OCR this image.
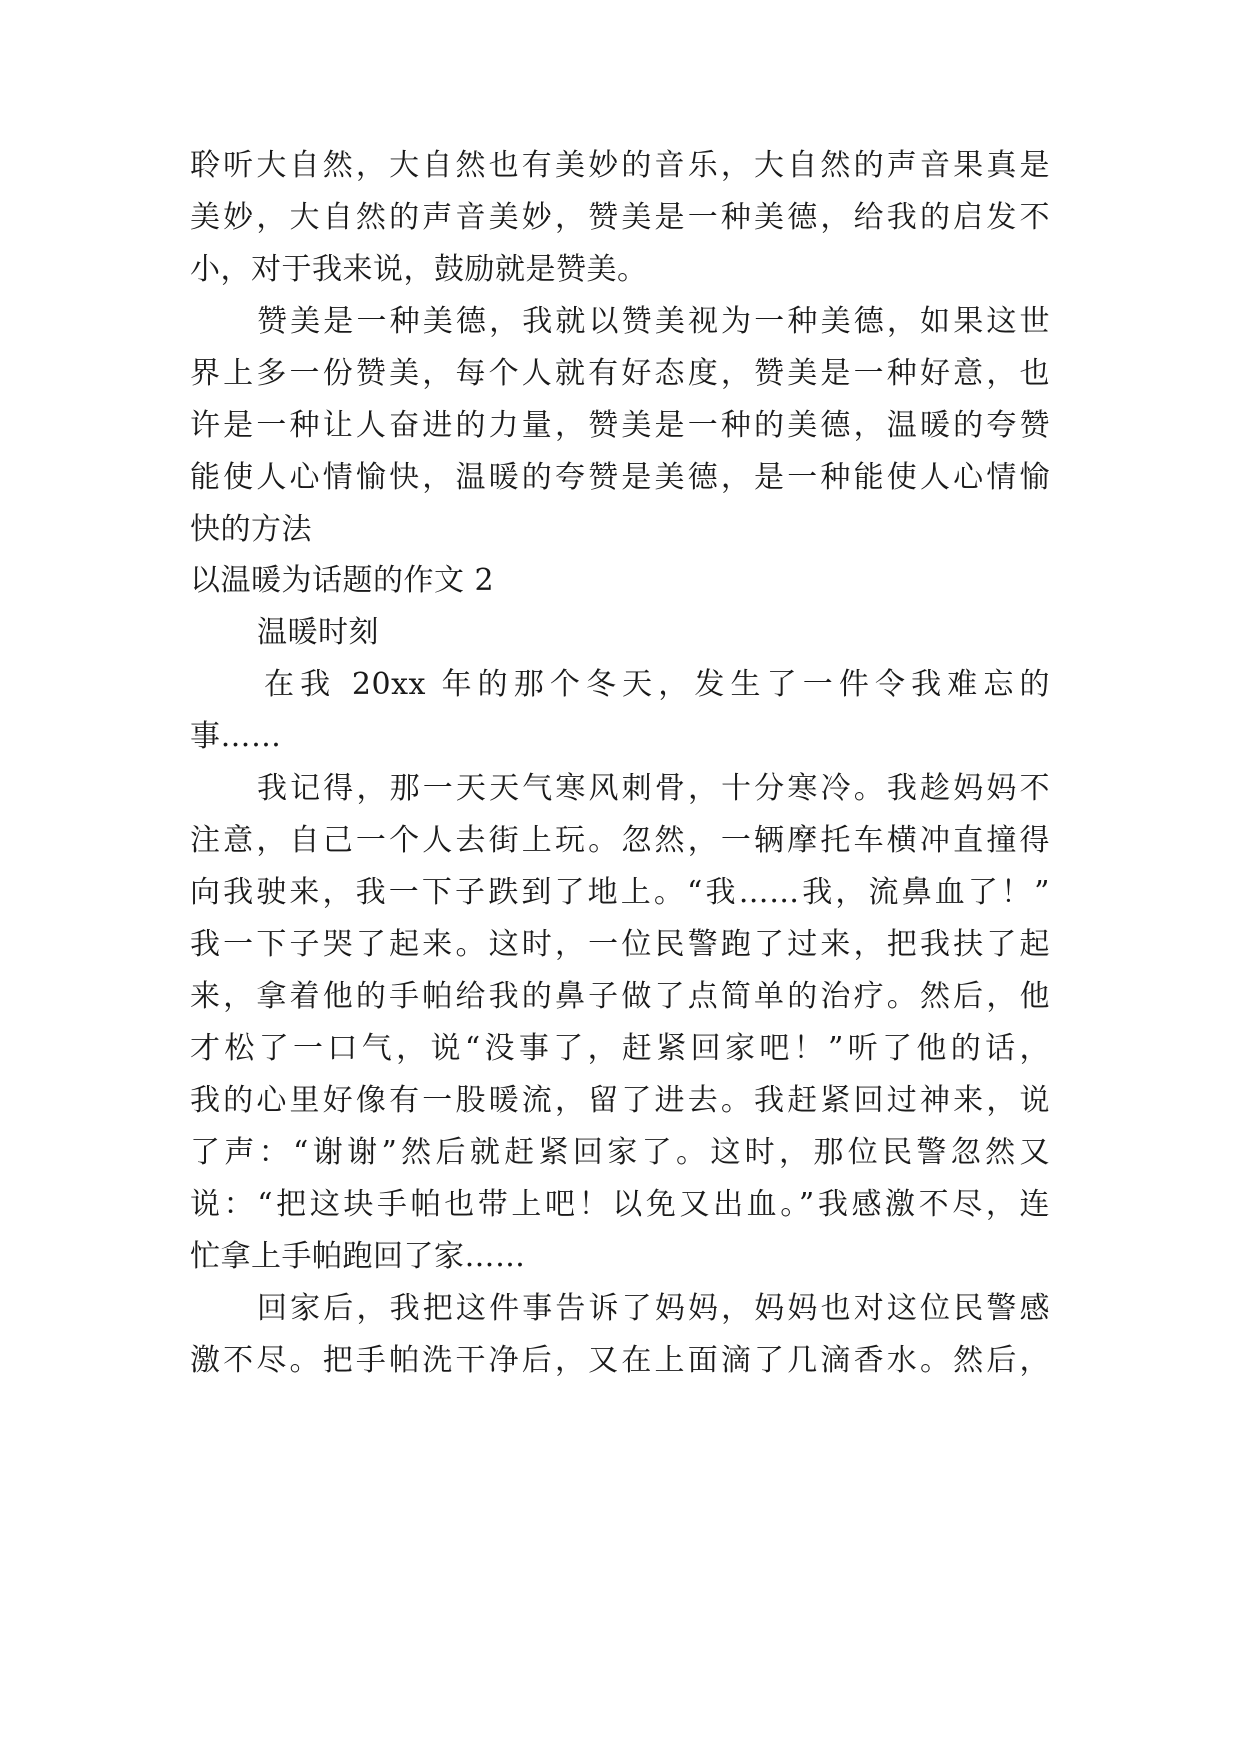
聆听大自然，大自然也有美妙的音乐，大自然的声音果真是
美妙，大自然的声音美妙，赞美是一种美德，给我的启发不
小，对于我来说，鼓励就是赞美。
赞美是一种美德，我就以赞美视为一种美德，如果这世
界上多一份赞美，每个人就有好态度，赞美是一种好意，也
许是一种让人奋进的力量，赞美是一种的美德，温暖的夸赞
能使人心情愉快，温暖的夸赞是美德，是一种能使人心情愉
快的方法
以温暖为话题的作文 2
温暖时刻
在我 20xx 年的那个冬天，发生了一件令我难忘的
事……
我记得，那一天天气寒风刺骨，十分寒冷。我趁妈妈不
注意，自己一个人去街上玩。忽然，一辆摩托车横冲直撞得
向我驶来，我一下子跌到了地上。“我……我，流鼻血了！”
我一下子哭了起来。这时，一位民警跑了过来，把我扶了起
来，拿着他的手帕给我的鼻子做了点简单的治疗。然后，他
才松了一口气，说“没事了，赶紧回家吧！”听了他的话，
我的心里好像有一股暖流，留了进去。我赶紧回过神来，说
了声：“谢谢”然后就赶紧回家了。这时，那位民警忽然又
说：“把这块手帕也带上吧！以免又出血。”我感激不尽，连
忙拿上手帕跑回了家……
回家后，我把这件事告诉了妈妈，妈妈也对这位民警感
激不尽。把手帕洗干净后，又在上面滴了几滴香水。然后，
